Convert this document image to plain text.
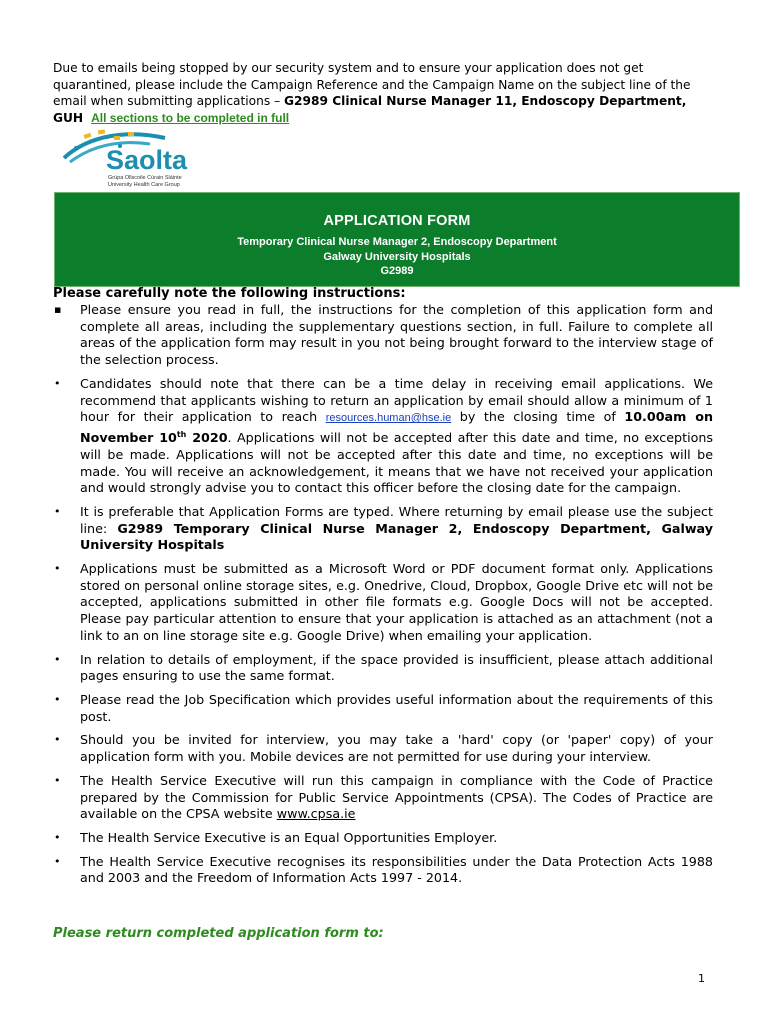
Due to emails being stopped by our security system and to ensure your application does not get quarantined, please include the Campaign Reference and the Campaign Name on the subject line of the email when submitting applications – G2989 Clinical Nurse Manager 11, Endoscopy Department, GUH All sections to be completed in full
Saolta
Grúpa Ollscoile Cúrain Sláinte
University Health Care Group
APPLICATION FORM
Temporary Clinical Nurse Manager 2, Endoscopy Department
Galway University Hospitals
G2989
Please carefully note the following instructions:
▪ Please ensure you read in full, the instructions for the completion of this application form and complete all areas, including the supplementary questions section, in full. Failure to complete all areas of the application form may result in you not being brought forward to the interview stage of the selection process.
• Candidates should note that there can be a time delay in receiving email applications. We recommend that applicants wishing to return an application by email should allow a minimum of 1 hour for their application to reach resources.human@hse.ie by the closing time of 10.00am on November 10th 2020. Applications will not be accepted after this date and time, no exceptions will be made. Applications will not be accepted after this date and time, no exceptions will be made. You will receive an acknowledgement, it means that we have not received your application and would strongly advise you to contact this officer before the closing date for the campaign.
• It is preferable that Application Forms are typed. Where returning by email please use the subject line: G2989 Temporary Clinical Nurse Manager 2, Endoscopy Department, Galway University Hospitals
• Applications must be submitted as a Microsoft Word or PDF document format only. Applications stored on personal online storage sites, e.g. Onedrive, Cloud, Dropbox, Google Drive etc will not be accepted, applications submitted in other file formats e.g. Google Docs will not be accepted. Please pay particular attention to ensure that your application is attached as an attachment (not a link to an on line storage site e.g. Google Drive) when emailing your application.
• In relation to details of employment, if the space provided is insufficient, please attach additional pages ensuring to use the same format.
• Please read the Job Specification which provides useful information about the requirements of this post.
• Should you be invited for interview, you may take a 'hard' copy (or 'paper' copy) of your application form with you. Mobile devices are not permitted for use during your interview.
• The Health Service Executive will run this campaign in compliance with the Code of Practice prepared by the Commission for Public Service Appointments (CPSA). The Codes of Practice are available on the CPSA website www.cpsa.ie
• The Health Service Executive is an Equal Opportunities Employer.
• The Health Service Executive recognises its responsibilities under the Data Protection Acts 1988 and 2003 and the Freedom of Information Acts 1997 - 2014.
Please return completed application form to:
1
